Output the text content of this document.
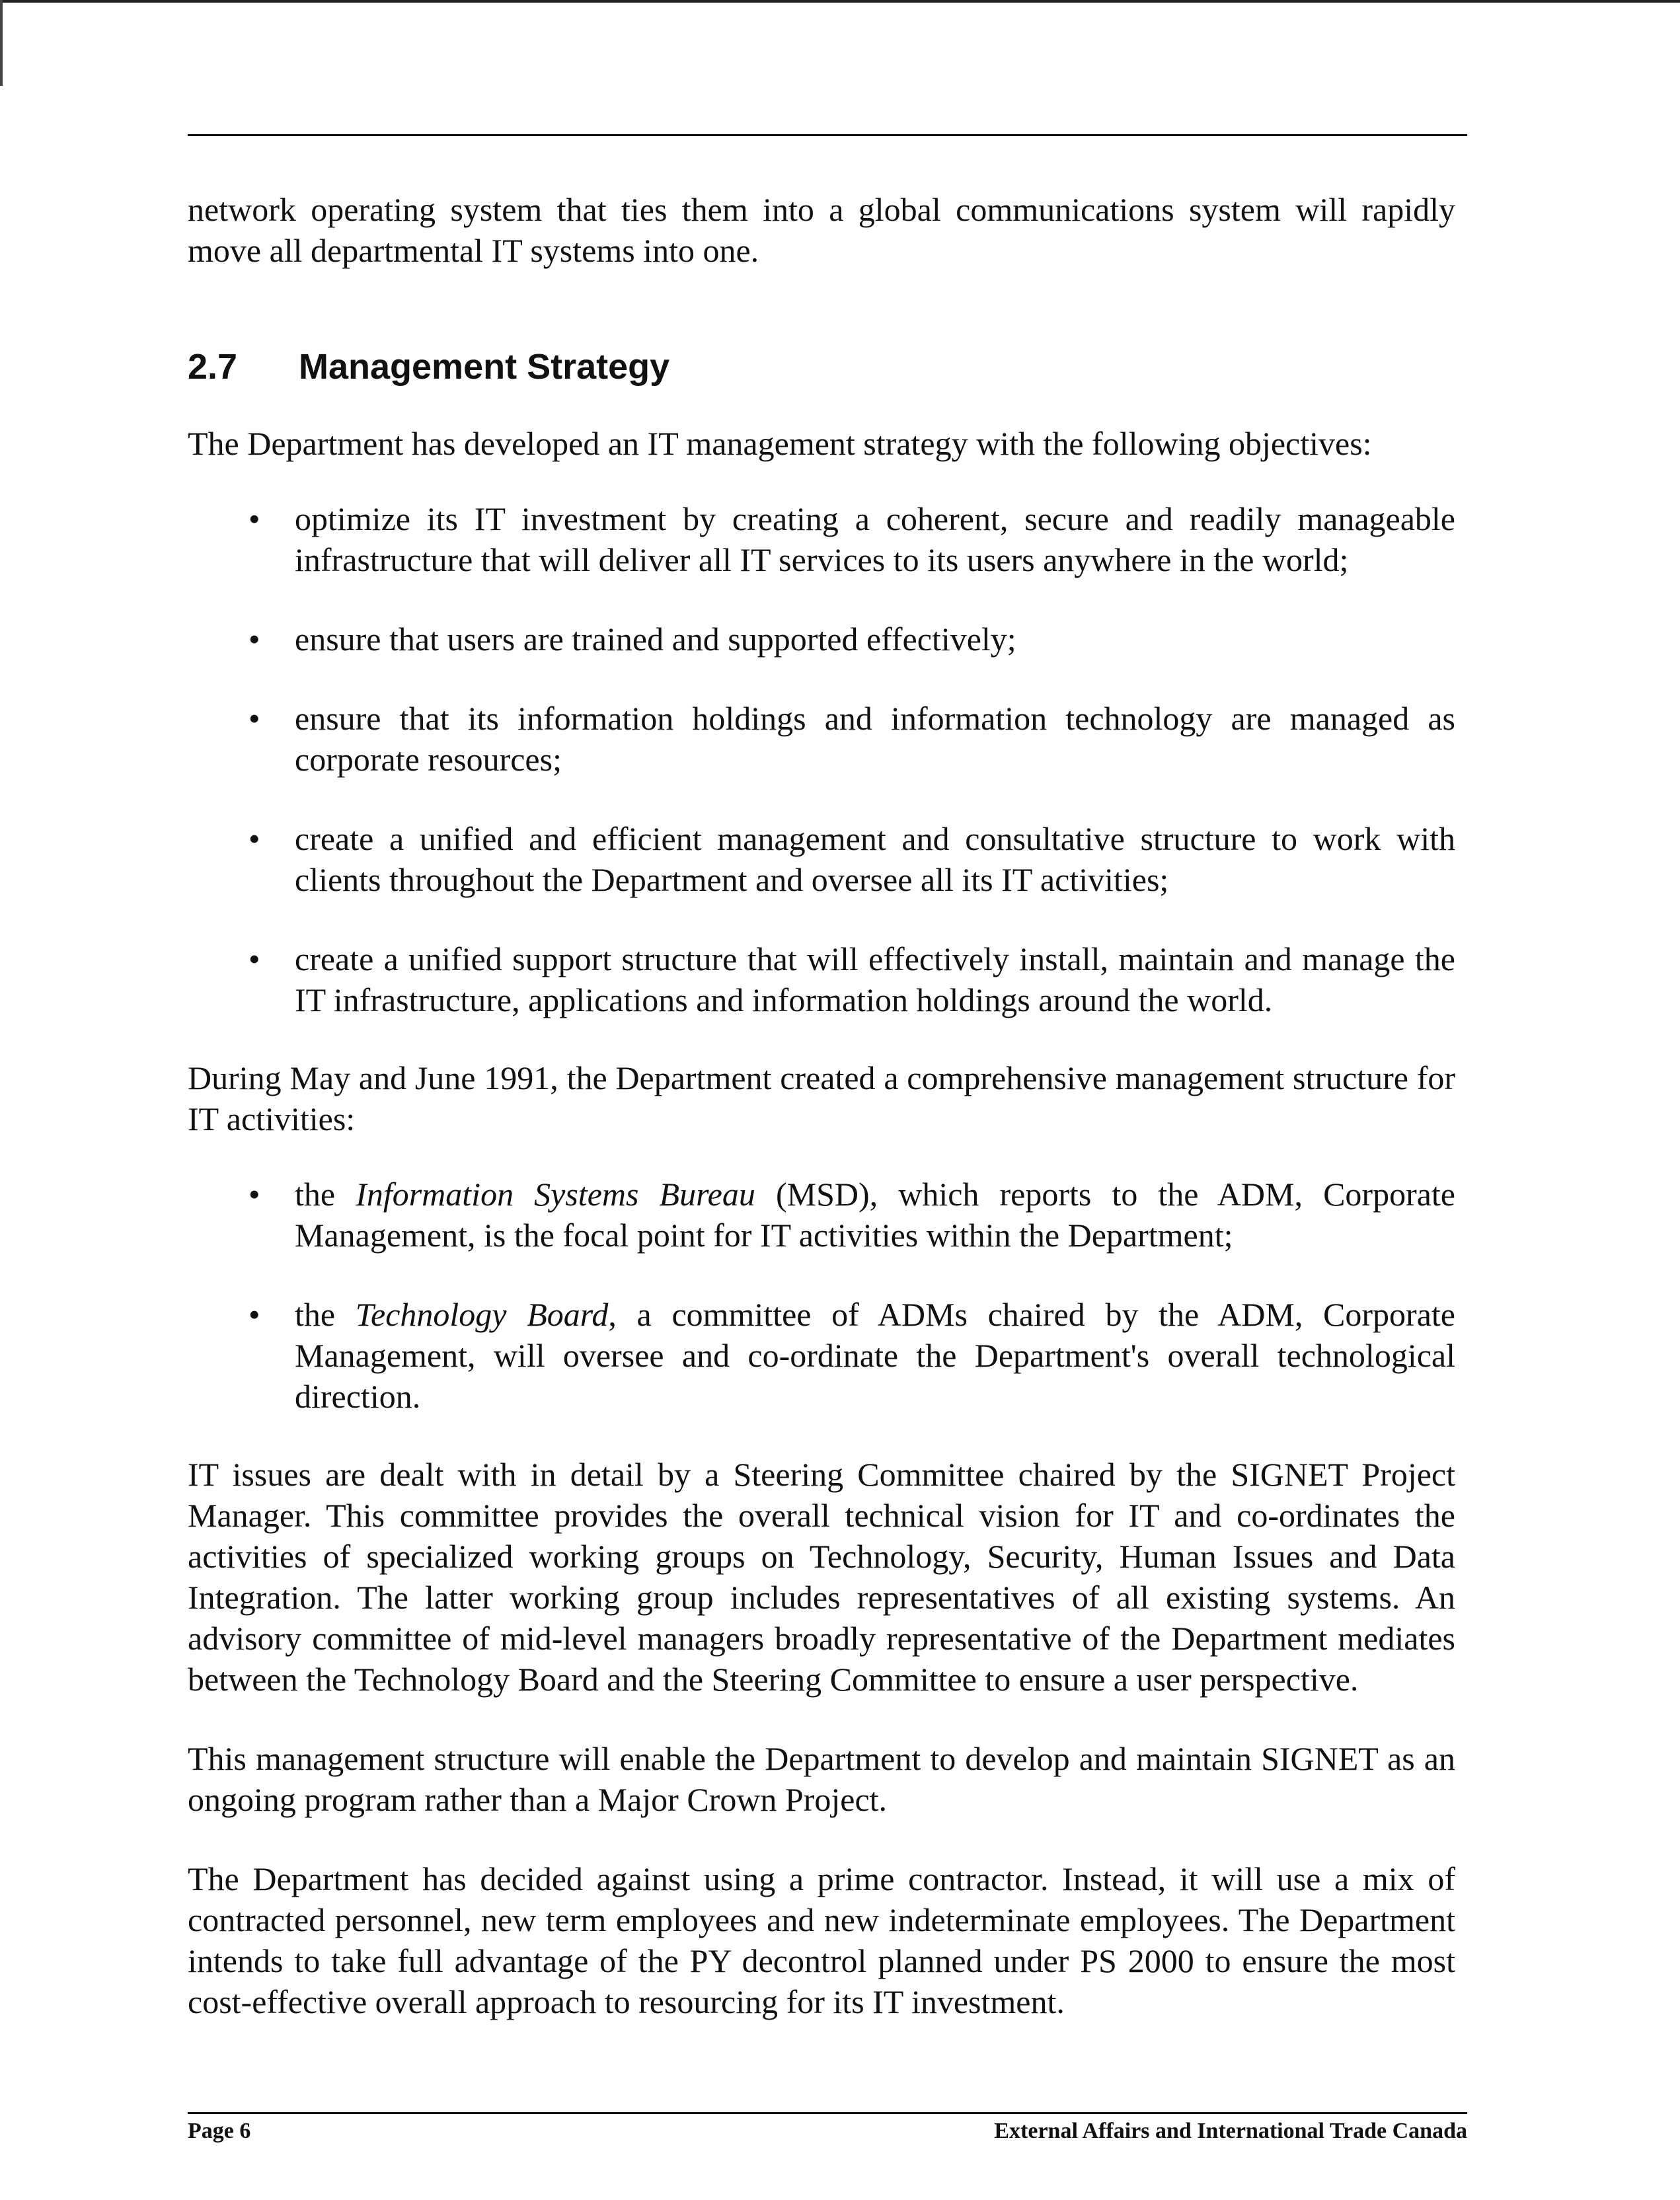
network operating system that ties them into a global communications system will rapidly move all departmental IT systems into one.

2.7	Management Strategy

The Department has developed an IT management strategy with the following objectives:

• optimize its IT investment by creating a coherent, secure and readily manageable infrastructure that will deliver all IT services to its users anywhere in the world;
• ensure that users are trained and supported effectively;
• ensure that its information holdings and information technology are managed as corporate resources;
• create a unified and efficient management and consultative structure to work with clients throughout the Department and oversee all its IT activities;
• create a unified support structure that will effectively install, maintain and manage the IT infrastructure, applications and information holdings around the world.

During May and June 1991, the Department created a comprehensive management structure for IT activities:

• the Information Systems Bureau (MSD), which reports to the ADM, Corporate Management, is the focal point for IT activities within the Department;
• the Technology Board, a committee of ADMs chaired by the ADM, Corporate Management, will oversee and co-ordinate the Department's overall technological direction.

IT issues are dealt with in detail by a Steering Committee chaired by the SIGNET Project Manager. This committee provides the overall technical vision for IT and co-ordinates the activities of specialized working groups on Technology, Security, Human Issues and Data Integration. The latter working group includes representatives of all existing systems. An advisory committee of mid-level managers broadly representative of the Department mediates between the Technology Board and the Steering Committee to ensure a user perspective.

This management structure will enable the Department to develop and maintain SIGNET as an ongoing program rather than a Major Crown Project.

The Department has decided against using a prime contractor. Instead, it will use a mix of contracted personnel, new term employees and new indeterminate employees. The Department intends to take full advantage of the PY decontrol planned under PS 2000 to ensure the most cost-effective overall approach to resourcing for its IT investment.

Page 6	External Affairs and International Trade Canada
